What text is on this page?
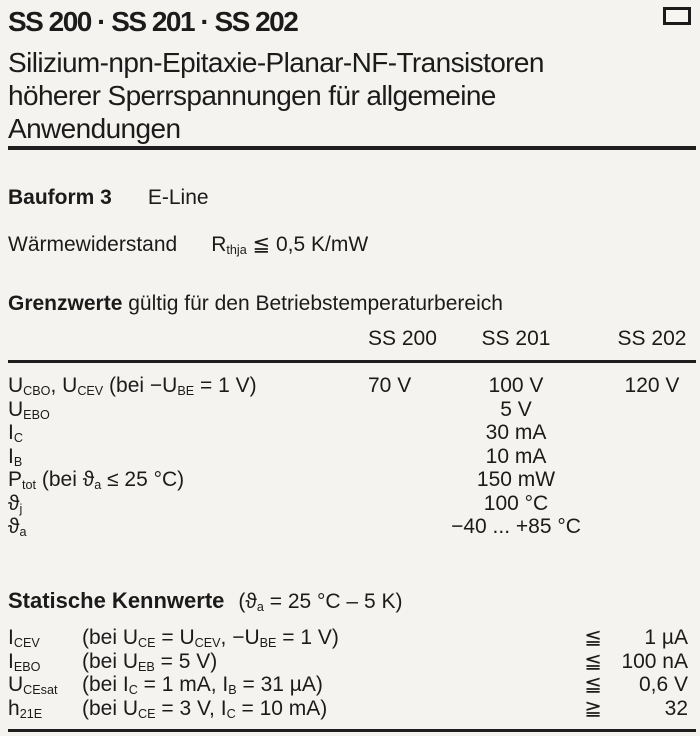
SS 200 · SS 201 · SS 202
Silizium-npn-Epitaxie-Planar-NF-Transistoren
höherer Sperrspannungen für allgemeine
Anwendungen
Bauform 3 E-Line
Wärmewiderstand $R_{thja}$ ≦ 0,5 K/mW
Grenzwerte gültig für den Betriebstemperaturbereich
SS 200	SS 201	SS 202
$U_{CBO}$, $U_{CEV}$ ($bei -U_{BE} = 1$ V)	70 V	100 V	120 V
$U_{EBO}$	5 V
$I_C$	30 mA
$I_B$	10 mA
$P_{tot}$ (bei $ϑ_a \le 25$ °C)	150 mW
$ϑ_j$	100 °C
$ϑ_a$	−40 ... +85 °C
Statische Kennwerte ($ϑ_a = 25$ °C – 5 K)
$I_{CEV}$ (bei $U_{CE} = U_{CEV}$, $-U_{BE} = 1$ V)	≦	1 µA
$I_{EBO}$ (bei $U_{EB} = 5$ V)	≦ 100 nA
$U_{CEsat}$ (bei $I_C = 1$ mA, $I_B = 31$ µA)	≦	0,6 V
$h_{21E}$ (bei $U_{CE} = 3$ V, $I_C = 10$ mA)	≧	32
